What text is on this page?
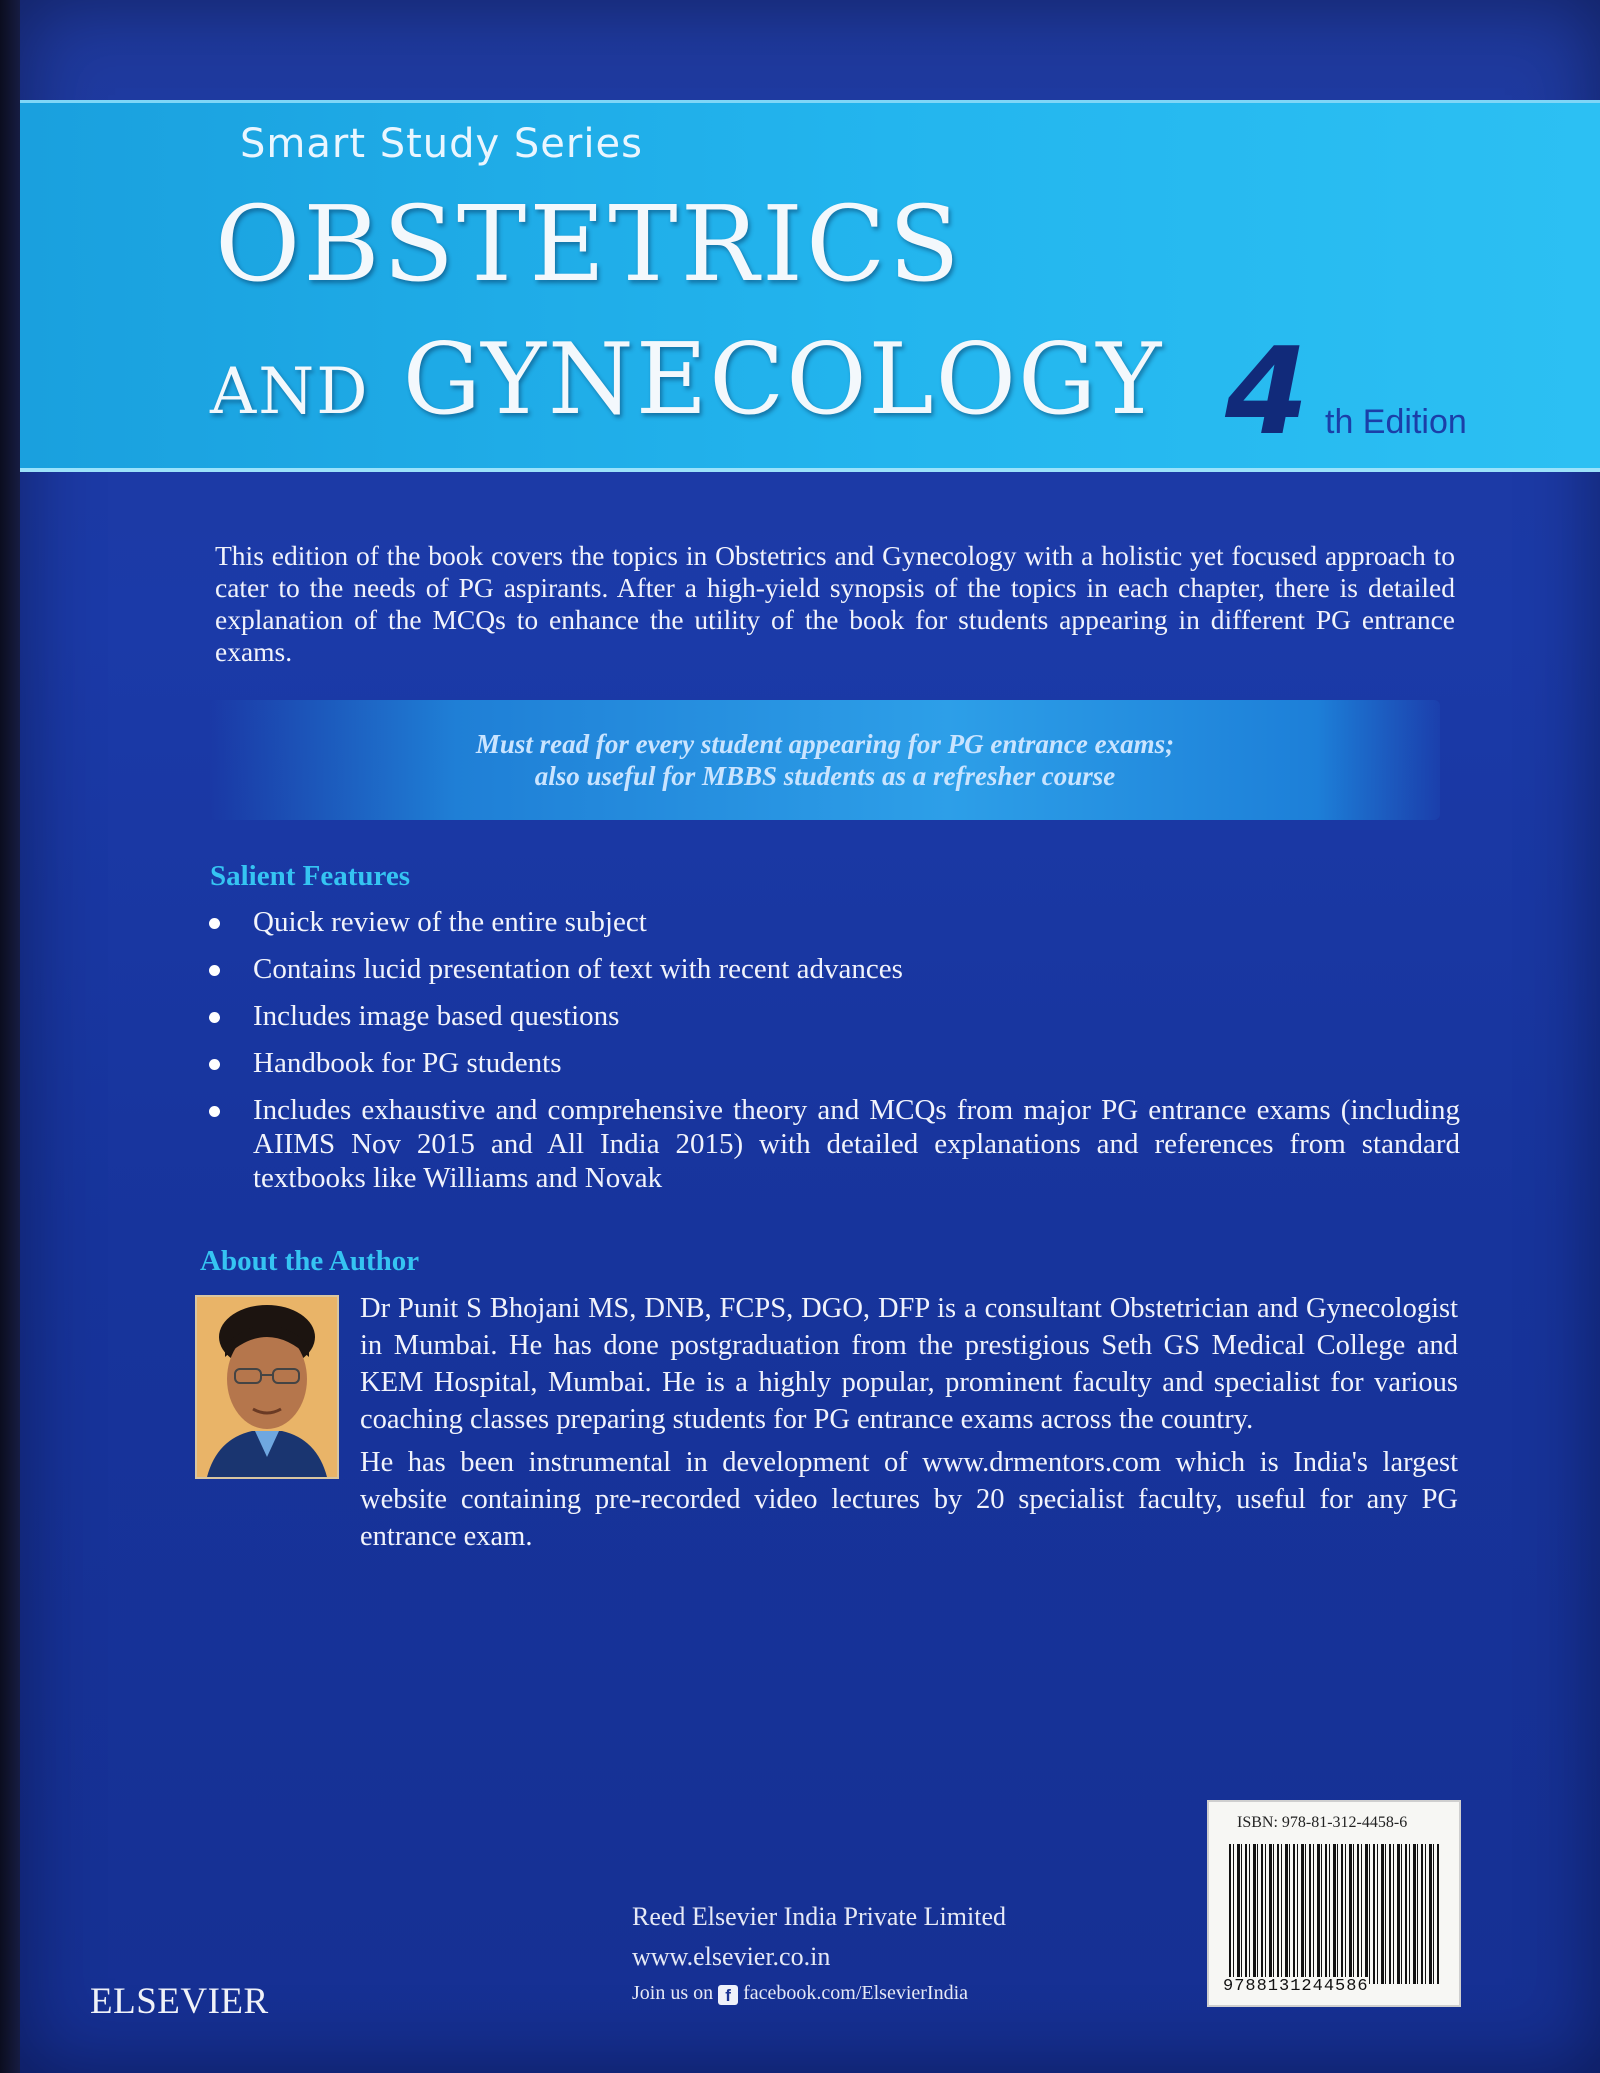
Smart Study Series
OBSTETRICS
AND GYNECOLOGY 4 th Edition
This edition of the book covers the topics in Obstetrics and Gynecology with a holistic yet focused approach to cater to the needs of PG aspirants. After a high-yield synopsis of the topics in each chapter, there is detailed explanation of the MCQs to enhance the utility of the book for students appearing in different PG entrance exams.

Must read for every student appearing for PG entrance exams;

also useful for MBBS students as a refresher course

Salient Features
Quick review of the entire subject
Contains lucid presentation of text with recent advances
Includes image based questions
Handbook for PG students
Includes exhaustive and comprehensive theory and MCQs from major PG entrance exams (including AIIMS Nov 2015 and All India 2015) with detailed explanations and references from standard textbooks like Williams and Novak
About the Author

Dr Punit S Bhojani MS, DNB, FCPS, DGO, DFP is a consultant Obstetrician and Gynecologist in Mumbai. He has done postgraduation from the prestigious Seth GS Medical College and KEM Hospital, Mumbai. He is a highly popular, prominent faculty and specialist for various coaching classes preparing students for PG entrance exams across the country.

He has been instrumental in development of www.drmentors.com which is India's largest website containing pre-recorded video lectures by 20 specialist faculty, useful for any PG entrance exam.

Reed Elsevier India Private Limited
www.elsevier.co.in
Join us on f facebook.com/ElsevierIndia
ELSEVIER
ISBN: 978-81-312-4458-6
9788131244586
